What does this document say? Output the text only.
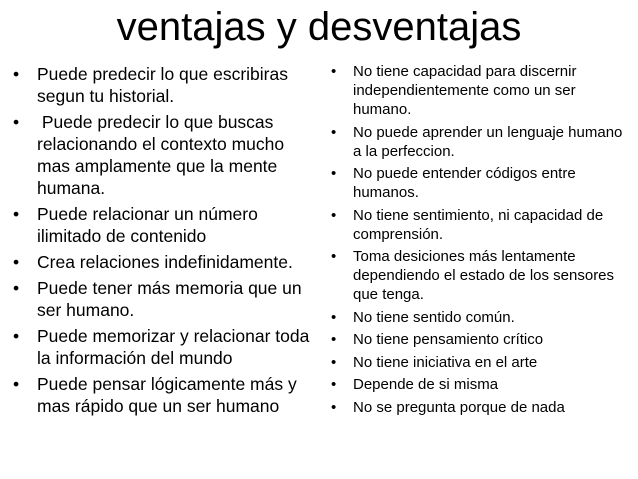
ventajas y desventajas
• Puede predecir lo que escribiras segun tu historial.
• Puede predecir lo que buscas relacionando el contexto mucho mas amplamente que la mente humana.
• Puede relacionar un número ilimitado de contenido
• Crea relaciones indefinidamente.
• Puede tener más memoria que un ser humano.
• Puede memorizar y relacionar toda la información del mundo
• Puede pensar lógicamente más y mas rápido que un ser humano
• No tiene capacidad para discernir independientemente como un ser humano.
• No puede aprender un lenguaje humano a la perfeccion.
• No puede entender códigos entre humanos.
• No tiene sentimiento, ni capacidad de comprensión.
• Toma desiciones más lentamente dependiendo el estado de los sensores que tenga.
• No tiene sentido común.
• No tiene pensamiento crítico
• No tiene iniciativa en el arte
• Depende de si misma
• No se pregunta porque de nada
